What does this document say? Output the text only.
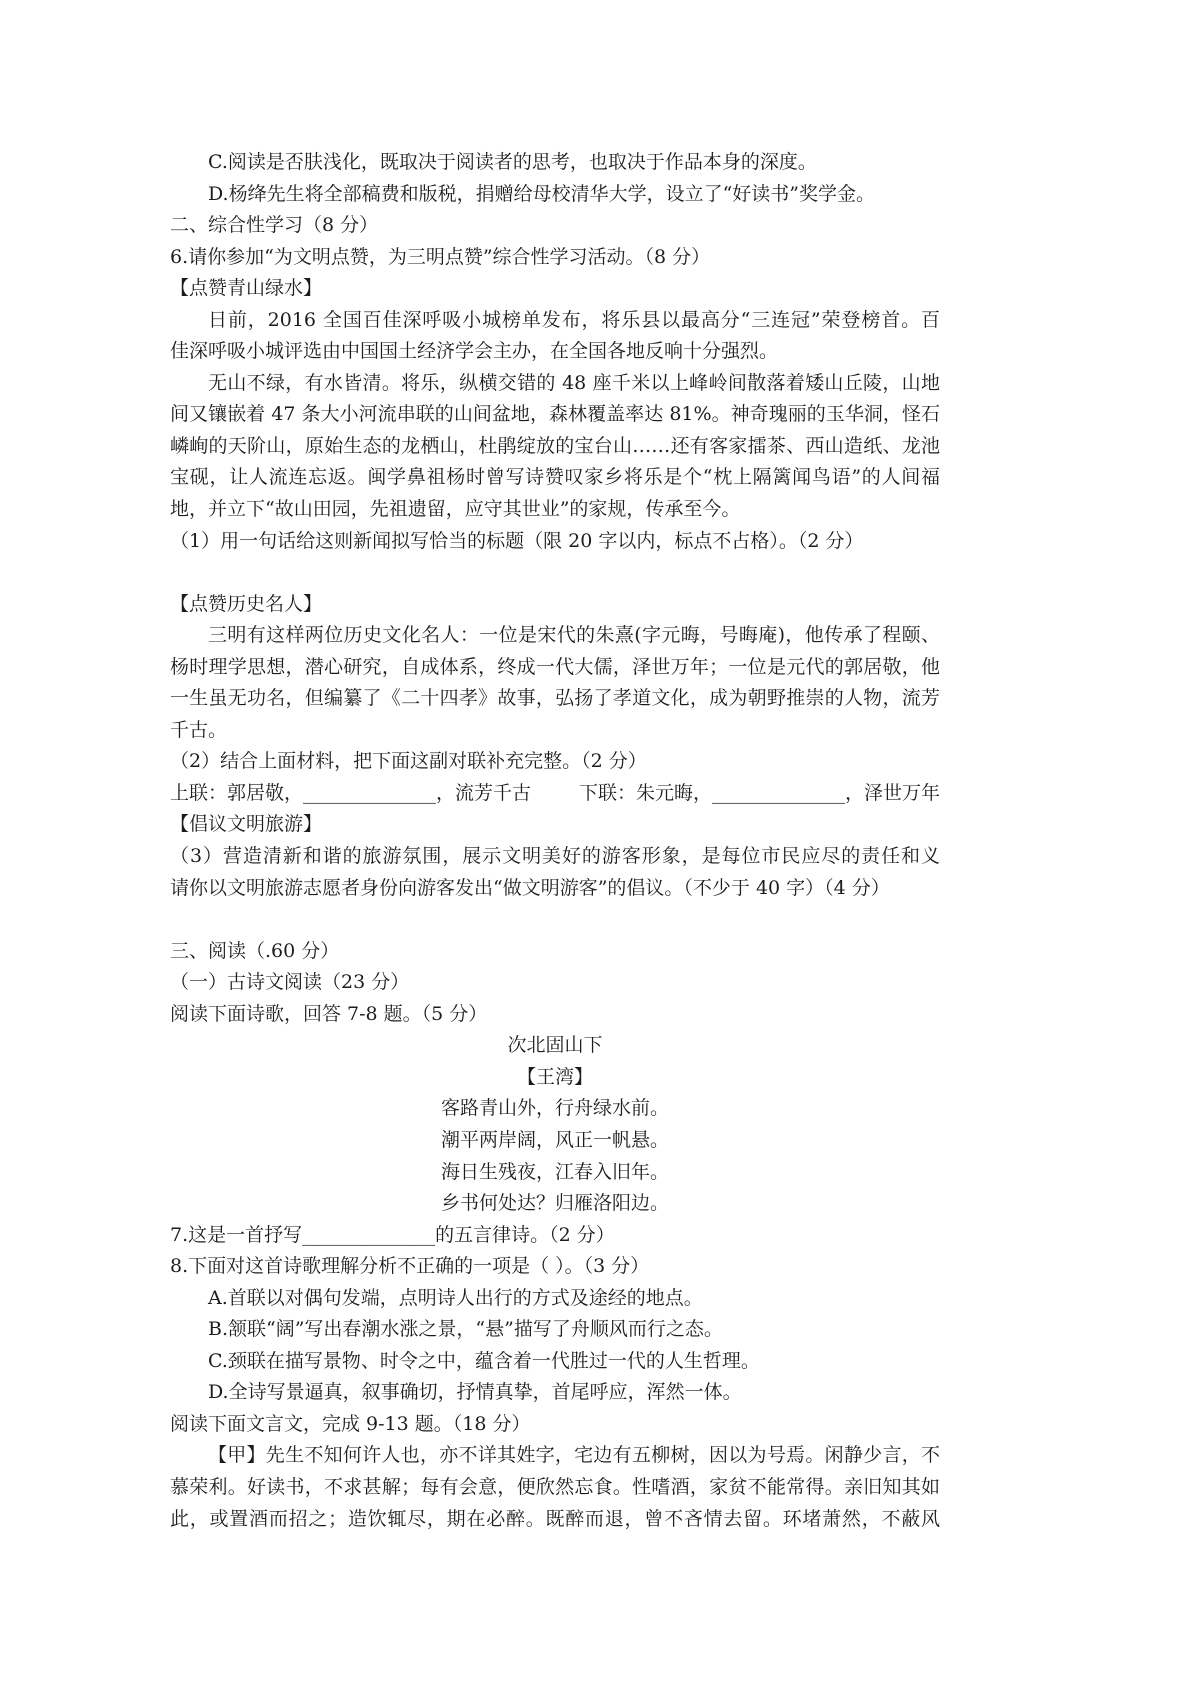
C.阅读是否肤浅化，既取决于阅读者的思考，也取决于作品本身的深度。
D.杨绛先生将全部稿费和版税，捐赠给母校清华大学，设立了“好读书”奖学金。
二、综合性学习（8 分）
6.请你参加“为文明点赞，为三明点赞”综合性学习活动。（8 分）
【点赞青山绿水】
日前，2016 全国百佳深呼吸小城榜单发布，将乐县以最高分“三连冠”荣登榜首。百
佳深呼吸小城评选由中国国土经济学会主办，在全国各地反响十分强烈。
无山不绿，有水皆清。将乐，纵横交错的 48 座千米以上峰岭间散落着矮山丘陵，山地
间又镶嵌着 47 条大小河流串联的山间盆地，森林覆盖率达 81%。神奇瑰丽的玉华洞，怪石
嶙峋的天阶山，原始生态的龙栖山，杜鹃绽放的宝台山……还有客家擂茶、西山造纸、龙池
宝砚，让人流连忘返。闽学鼻祖杨时曾写诗赞叹家乡将乐是个“枕上隔篱闻鸟语”的人间福
地，并立下“故山田园，先祖遗留，应守其世业”的家规，传承至今。
（1）用一句话给这则新闻拟写恰当的标题（限 20 字以内，标点不占格）。（2 分）
【点赞历史名人】
三明有这样两位历史文化名人：一位是宋代的朱熹(字元晦，号晦庵)，他传承了程颐、
杨时理学思想，潜心研究，自成体系，终成一代大儒，泽世万年；一位是元代的郭居敬，他
一生虽无功名，但编纂了《二十四孝》故事，弘扬了孝道文化，成为朝野推崇的人物，流芳
千古。
（2）结合上面材料，把下面这副对联补充完整。（2 分）
上联：郭居敬，______________，流芳千古	下联：朱元晦，______________，泽世万年
【倡议文明旅游】
（3）营造清新和谐的旅游氛围，展示文明美好的游客形象，是每位市民应尽的责任和义
请你以文明旅游志愿者身份向游客发出“做文明游客”的倡议。（不少于 40 字）（4 分）
三、阅读（.60 分）
（一）古诗文阅读（23 分）
阅读下面诗歌，回答 7-8 题。（5 分）
次北固山下
【王湾】
客路青山外，行舟绿水前。
潮平两岸阔，风正一帆悬。
海日生残夜，江春入旧年。
乡书何处达？归雁洛阳边。
7.这是一首抒写______________的五言律诗。（2 分）
8.下面对这首诗歌理解分析不正确的一项是（ ）。（3 分）
A.首联以对偶句发端，点明诗人出行的方式及途经的地点。
B.颔联“阔”写出春潮水涨之景，“悬”描写了舟顺风而行之态。
C.颈联在描写景物、时令之中，蕴含着一代胜过一代的人生哲理。
D.全诗写景逼真，叙事确切，抒情真挚，首尾呼应，浑然一体。
阅读下面文言文，完成 9-13 题。（18 分）
【甲】先生不知何许人也，亦不详其姓字，宅边有五柳树，因以为号焉。闲静少言，不
慕荣利。好读书，不求甚解；每有会意，便欣然忘食。性嗜酒，家贫不能常得。亲旧知其如
此，或置酒而招之；造饮辄尽，期在必醉。既醉而退，曾不吝情去留。环堵萧然，不蔽风
